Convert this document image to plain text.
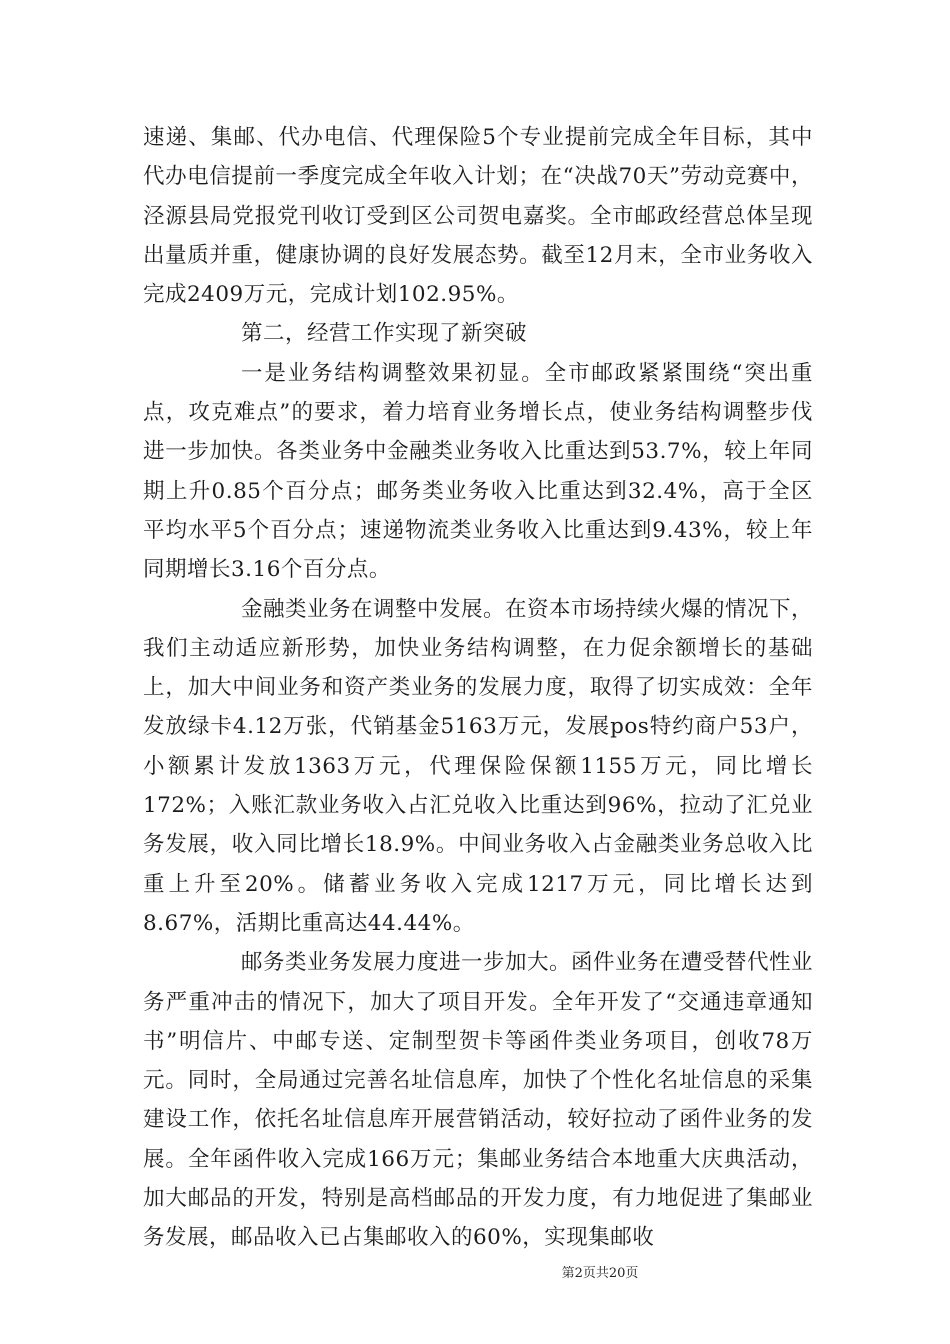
速递、集邮、代办电信、代理保险5个专业提前完成全年目标，其中代办电信提前一季度完成全年收入计划；在“决战70天”劳动竞赛中，泾源县局党报党刊收订受到区公司贺电嘉奖。全市邮政经营总体呈现出量质并重，健康协调的良好发展态势。截至12月末，全市业务收入完成2409万元，完成计划102.95%。

第二，经营工作实现了新突破

一是业务结构调整效果初显。全市邮政紧紧围绕“突出重点，攻克难点”的要求，着力培育业务增长点，使业务结构调整步伐进一步加快。各类业务中金融类业务收入比重达到53.7%，较上年同期上升0.85个百分点；邮务类业务收入比重达到32.4%，高于全区平均水平5个百分点；速递物流类业务收入比重达到9.43%，较上年同期增长3.16个百分点。

金融类业务在调整中发展。在资本市场持续火爆的情况下，我们主动适应新形势，加快业务结构调整，在力促余额增长的基础上，加大中间业务和资产类业务的发展力度，取得了切实成效：全年发放绿卡4.12万张，代销基金5163万元，发展pos特约商户53户，小额累计发放1363万元，代理保险保额1155万元，同比增长172%；入账汇款业务收入占汇兑收入比重达到96%，拉动了汇兑业务发展，收入同比增长18.9%。中间业务收入占金融类业务总收入比重上升至20%。储蓄业务收入完成1217万元，同比增长达到8.67%，活期比重高达44.44%。

邮务类业务发展力度进一步加大。函件业务在遭受替代性业务严重冲击的情况下，加大了项目开发。全年开发了“交通违章通知书”明信片、中邮专送、定制型贺卡等函件类业务项目，创收78万元。同时，全局通过完善名址信息库，加快了个性化名址信息的采集建设工作，依托名址信息库开展营销活动，较好拉动了函件业务的发展。全年函件收入完成166万元；集邮业务结合本地重大庆典活动，加大邮品的开发，特别是高档邮品的开发力度，有力地促进了集邮业务发展，邮品收入已占集邮收入的60%，实现集邮收

第2页共20页
